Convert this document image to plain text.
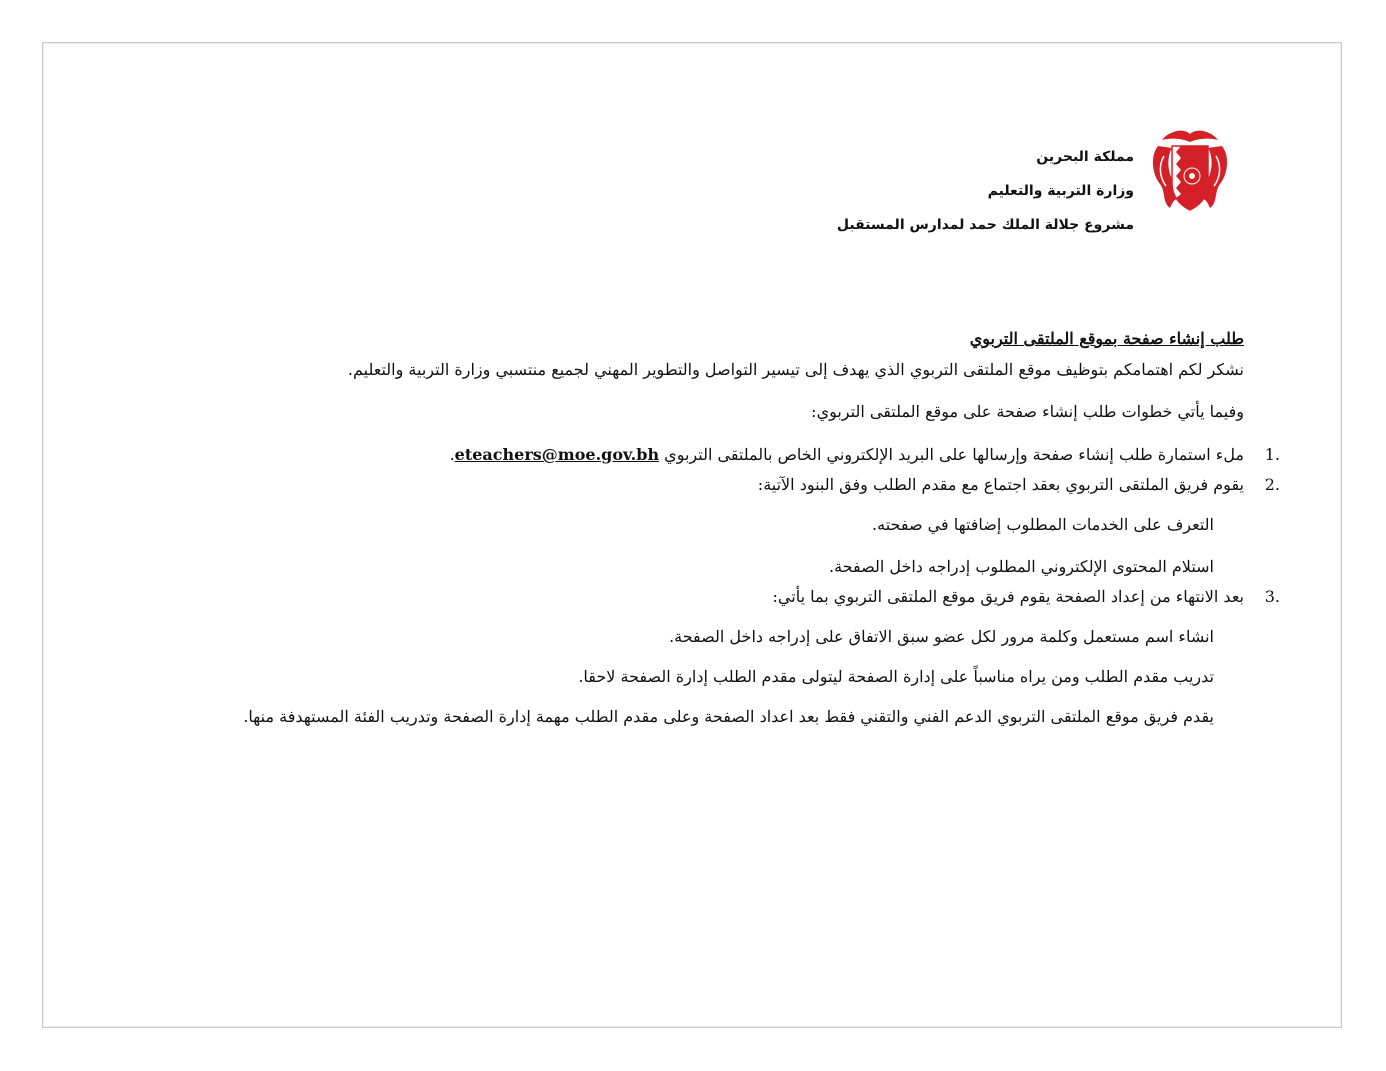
مملكة البحرين
وزارة التربية والتعليم
مشروع جلالة الملك حمد لمدارس المستقبل
طلب إنشاء صفحة بموقع الملتقى التربوي
نشكر لكم اهتمامكم بتوظيف موقع الملتقى التربوي الذي يهدف إلى تيسير التواصل والتطوير المهني لجميع منتسبي وزارة التربية والتعليم.
وفيما يأتي خطوات طلب إنشاء صفحة على موقع الملتقى التربوي:
1.
ملء استمارة طلب إنشاء صفحة وإرسالها على البريد الإلكتروني الخاص بالملتقى التربوي eteachers@moe.gov.bh.
2.
يقوم فريق الملتقى التربوي بعقد اجتماع مع مقدم الطلب وفق البنود الآتية:
التعرف على الخدمات المطلوب إضافتها في صفحته.
استلام المحتوى الإلكتروني المطلوب إدراجه داخل الصفحة.
3.
بعد الانتهاء من إعداد الصفحة يقوم فريق موقع الملتقى التربوي بما يأتي:
انشاء اسم مستعمل وكلمة مرور لكل عضو سبق الاتفاق على إدراجه داخل الصفحة.
تدريب مقدم الطلب ومن يراه مناسباً على إدارة الصفحة ليتولى مقدم الطلب إدارة الصفحة لاحقا.
يقدم فريق موقع الملتقى التربوي الدعم الفني والتقني فقط بعد اعداد الصفحة وعلى مقدم الطلب مهمة إدارة الصفحة وتدريب الفئة المستهدفة منها.
